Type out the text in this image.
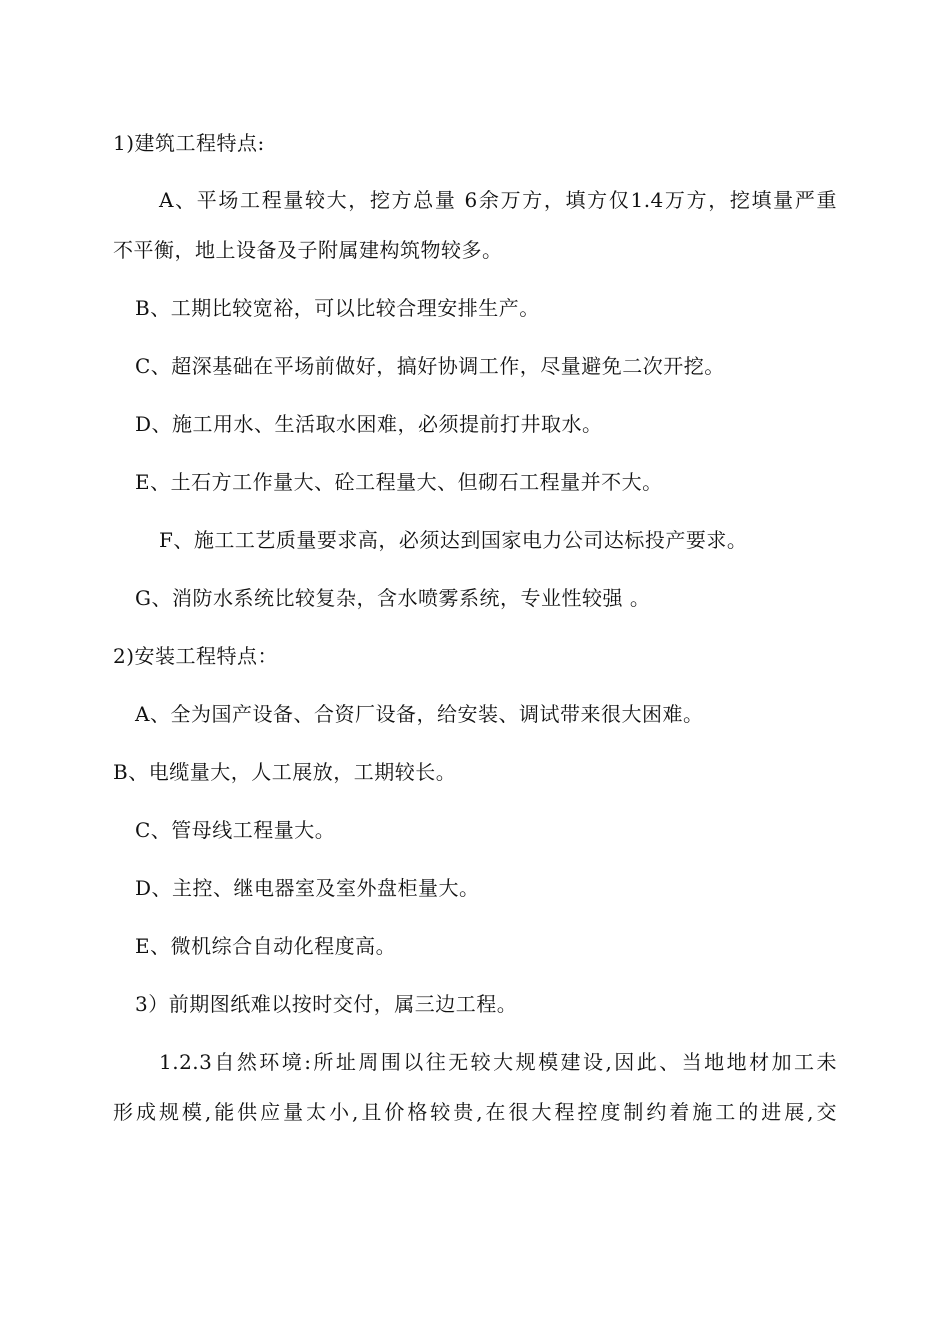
1)建筑工程特点:
A、平场工程量较大，挖方总量 6余万方，填方仅1.4万方，挖填量严重
不平衡，地上设备及子附属建构筑物较多。
B、工期比较宽裕，可以比较合理安排生产。
C、超深基础在平场前做好，搞好协调工作，尽量避免二次开挖。
D、施工用水、生活取水困难，必须提前打井取水。
E、土石方工作量大、砼工程量大、但砌石工程量并不大。
F、施工工艺质量要求高，必须达到国家电力公司达标投产要求。
G、消防水系统比较复杂，含水喷雾系统，专业性较强 。
2)安装工程特点：
A、全为国产设备、合资厂设备，给安装、调试带来很大困难。
B、电缆量大，人工展放，工期较长。
C、管母线工程量大。
D、主控、继电器室及室外盘柜量大。
E、微机综合自动化程度高。
3）前期图纸难以按时交付，属三边工程。
1.2.3自然环境:所址周围以往无较大规模建设,因此、当地地材加工未
形成规模,能供应量太小,且价格较贵,在很大程控度制约着施工的进展,交
